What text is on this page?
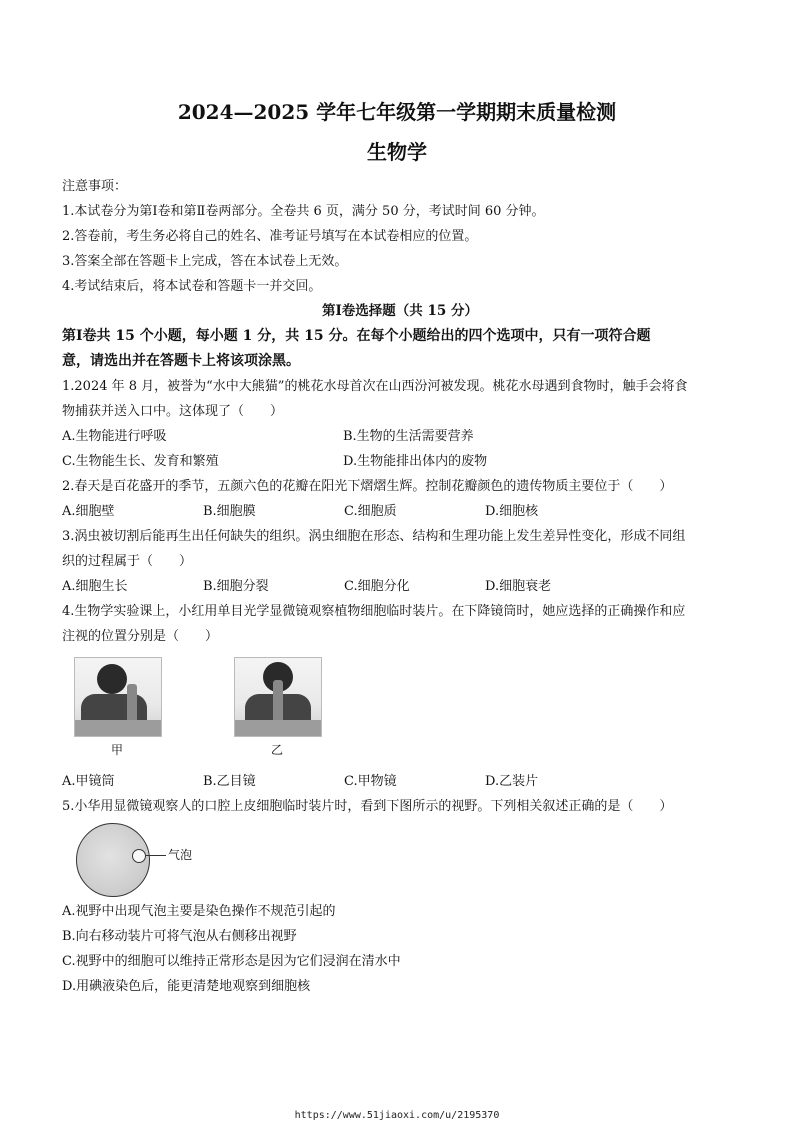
2024—2025 学年七年级第一学期期末质量检测
生物学
注意事项：
1.本试卷分为第Ⅰ卷和第Ⅱ卷两部分。全卷共 6 页，满分 50 分，考试时间 60 分钟。
2.答卷前，考生务必将自己的姓名、准考证号填写在本试卷相应的位置。
3.答案全部在答题卡上完成，答在本试卷上无效。
4.考试结束后，将本试卷和答题卡一并交回。
第Ⅰ卷选择题（共 15 分）
第Ⅰ卷共 15 个小题，每小题 1 分，共 15 分。在每个小题给出的四个选项中，只有一项符合题
意，请选出并在答题卡上将该项涂黑。
1.2024 年 8 月，被誉为“水中大熊猫”的桃花水母首次在山西汾河被发现。桃花水母遇到食物时，触手会将食
物捕获并送入口中。这体现了（　　）
A.生物能进行呼吸	B.生物的生活需要营养
C.生物能生长、发育和繁殖	D.生物能排出体内的废物
2.春天是百花盛开的季节，五颜六色的花瓣在阳光下熠熠生辉。控制花瓣颜色的遗传物质主要位于（　　）
A.细胞壁	B.细胞膜	C.细胞质	D.细胞核
3.涡虫被切割后能再生出任何缺失的组织。涡虫细胞在形态、结构和生理功能上发生差异性变化，形成不同组
织的过程属于（　　）
A.细胞生长	B.细胞分裂	C.细胞分化	D.细胞衰老
4.生物学实验课上，小红用单目光学显微镜观察植物细胞临时装片。在下降镜筒时，她应选择的正确操作和应
注视的位置分别是（　　）
甲	乙
A.甲镜筒	B.乙目镜	C.甲物镜	D.乙装片
5.小华用显微镜观察人的口腔上皮细胞临时装片时，看到下图所示的视野。下列相关叙述正确的是（　　）
气泡
A.视野中出现气泡主要是染色操作不规范引起的
B.向右移动装片可将气泡从右侧移出视野
C.视野中的细胞可以维持正常形态是因为它们浸润在清水中
D.用碘液染色后，能更清楚地观察到细胞核
https://www.51jiaoxi.com/u/2195370
